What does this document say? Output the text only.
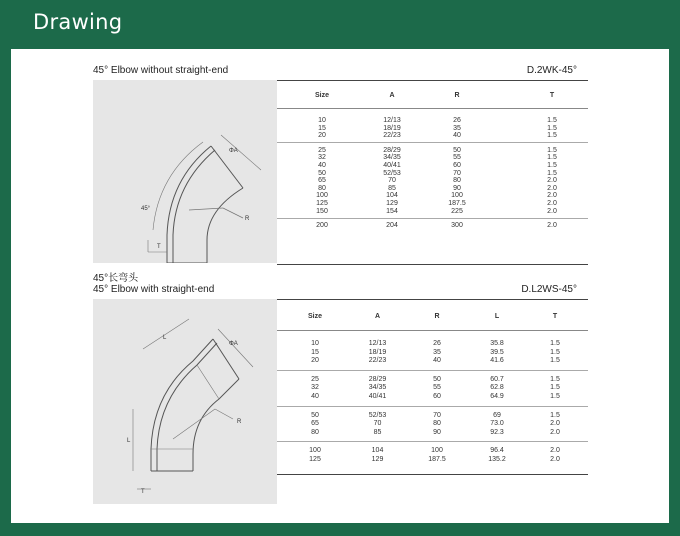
Drawing
45° Elbow without straight-end	D.2WK-45°
ΦA
R
T
45°
Size	A	R	T
10	12/13	26	1.5
15	18/19	35	1.5
20	22/23	40	1.5
25	28/29	50	1.5
32	34/35	55	1.5
40	40/41	60	1.5
50	52/53	70	1.5
65	70	80	2.0
80	85	90	2.0
100	104	100	2.0
125	129	187.5	2.0
150	154	225	2.0
200	204	300	2.0
45°长弯头
45° Elbow with straight-end	D.L2WS-45°
ΦA
R
T
L
L
Size	A	R	L	T
10	12/13	26	35.8	1.5
15	18/19	35	39.5	1.5
20	22/23	40	41.6	1.5
25	28/29	50	60.7	1.5
32	34/35	55	62.8	1.5
40	40/41	60	64.9	1.5
50	52/53	70	69	1.5
65	70	80	73.0	2.0
80	85	90	92.3	2.0
100	104	100	96.4	2.0
125	129	187.5	135.2	2.0
